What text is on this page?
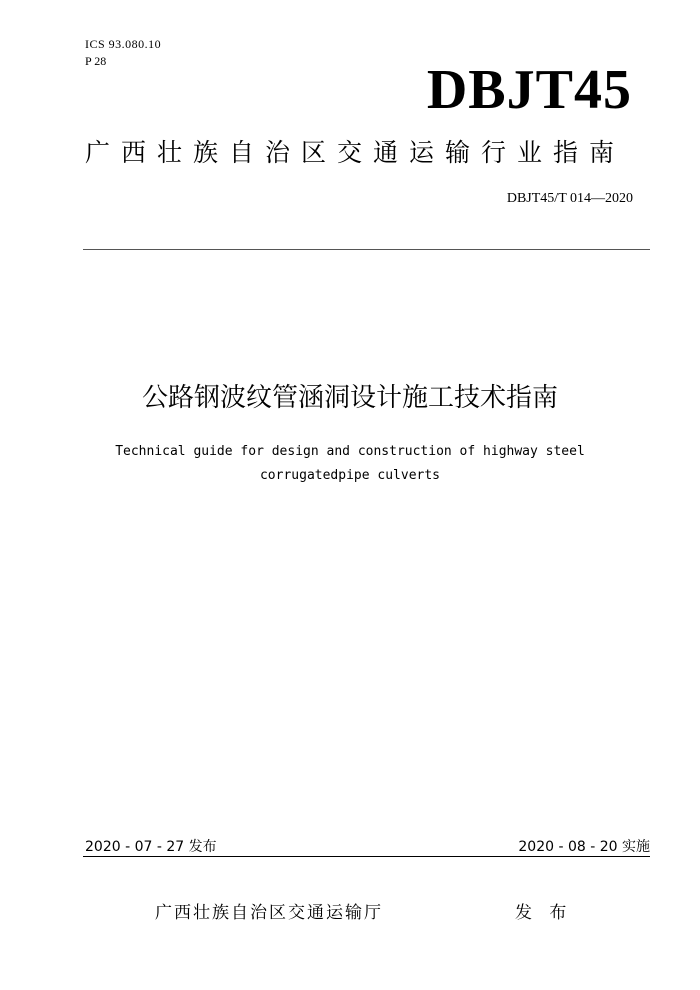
ICS 93.080.10
P 28	DBJT45
广西壮族自治区交通运输行业指南
DBJT45/T 014—2020
公路钢波纹管涵洞设计施工技术指南
Technical guide for design and construction of highway steel
corrugatedpipe culverts
2020 - 07 - 27 发布	2020 - 08 - 20 实施
广西壮族自治区交通运输厅	发 布
